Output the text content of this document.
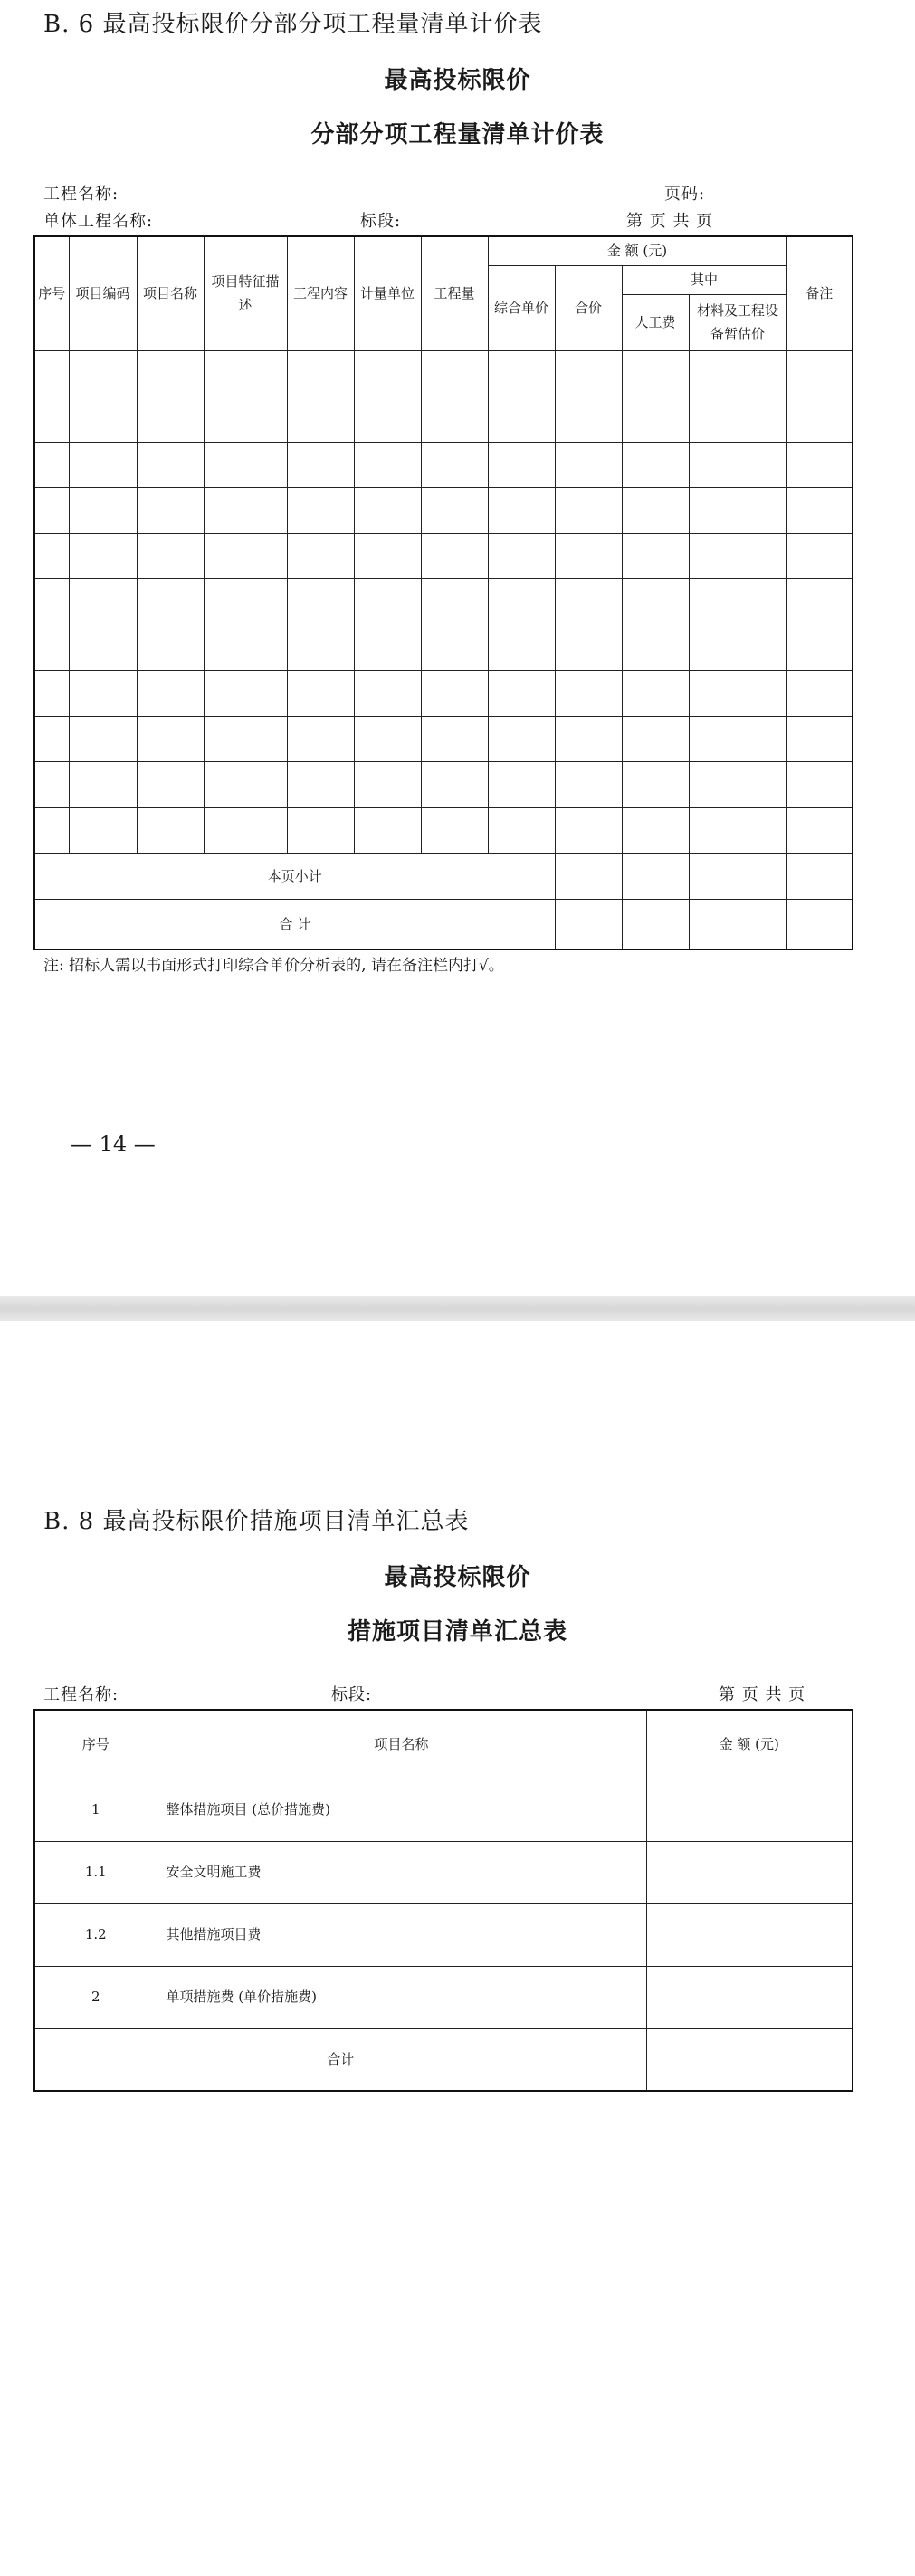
B. 6 最高投标限价分部分项工程量清单计价表
最高投标限价
分部分项工程量清单计价表
工程名称:	页码:
单体工程名称:	标段:	第 页 共 页
序号	项目编码	项目名称	项目特征描述	工程内容	计量单位	工程量	金 额 (元)				备注
							综合单价	合价	其中		
									人工费	材料及工程设备暂估价	

本页小计											
合 计											
注: 招标人需以书面形式打印综合单价分析表的, 请在备注栏内打√。
— 14 —
B. 8 最高投标限价措施项目清单汇总表
最高投标限价
措施项目清单汇总表
工程名称:	标段:	第 页 共 页
序号	项目名称	金 额 (元)
1	整体措施项目 (总价措施费)	
1.1	安全文明施工费	
1.2	其他措施项目费	
2	单项措施费 (单价措施费)	
合计		
